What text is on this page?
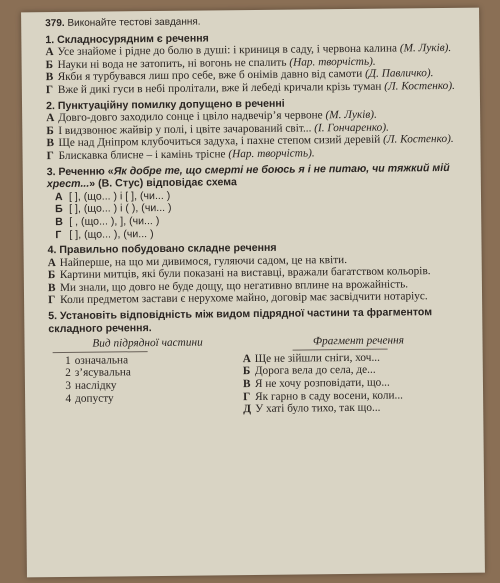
379. Виконайте тестові завдання.
1. Складносурядним є речення
А Усе знайоме і рідне до болю в душі: і криниця в саду, і червона калина (М. Луків).
Б Науки ні вода не затопить, ні вогонь не спалить (Нар. творчість).
В Якби я турбувався лиш про себе, вже б онімів давно від самоти (Д. Павличко).
Г Вже й дикі гуси в небі пролітали, вже й лебеді кричали крізь туман (Л. Костенко).
2. Пунктуаційну помилку допущено в реченні
А Довго-довго заходило сонце і цвіло надвечір’я червоне (М. Луків).
Б І видзвонює жайвір у полі, і цвіте зачарований світ... (І. Гончаренко).
В Ще над Дніпром клубочиться задуха, і пахне степом сизий деревій (Л. Костенко).
Г Блискавка блисне – і камінь тріснe (Нар. творчість).
3. Реченню «Як добре те, що смерті не боюсь я і не питаю, чи тяжкий мій хрест...» (В. Стус) відповідає схема
А [ ], (що... ) і [ ], (чи... )
Б [ ], (що... ) і ( ), (чи... )
В [ , (що... ), ], (чи... )
Г [ ], (що... ), (чи... )
4. Правильно побудовано складне речення
А Найперше, на що ми дивимося, гуляючи садом, це на квіти.
Б Картини митців, які були показані на виставці, вражали багатством кольорів.
В Ми знали, що довго не буде дощу, що негативно вплине на врожайність.
Г Коли предметом застави є нерухоме майно, договір має засвідчити нотаріус.
5. Установіть відповідність між видом підрядної частини та фрагментом складного речення.
Вид підрядної частини
1 означальна
2 з’ясувальна
3 наслідку
4 допусту
Фрагмент речення
А Ще не зійшли сніги, хоч...
Б Дорога вела до села, де...
В Я не хочу розповідати, що...
Г Як гарно в саду восени, коли...
Д У хаті було тихо, так що...
